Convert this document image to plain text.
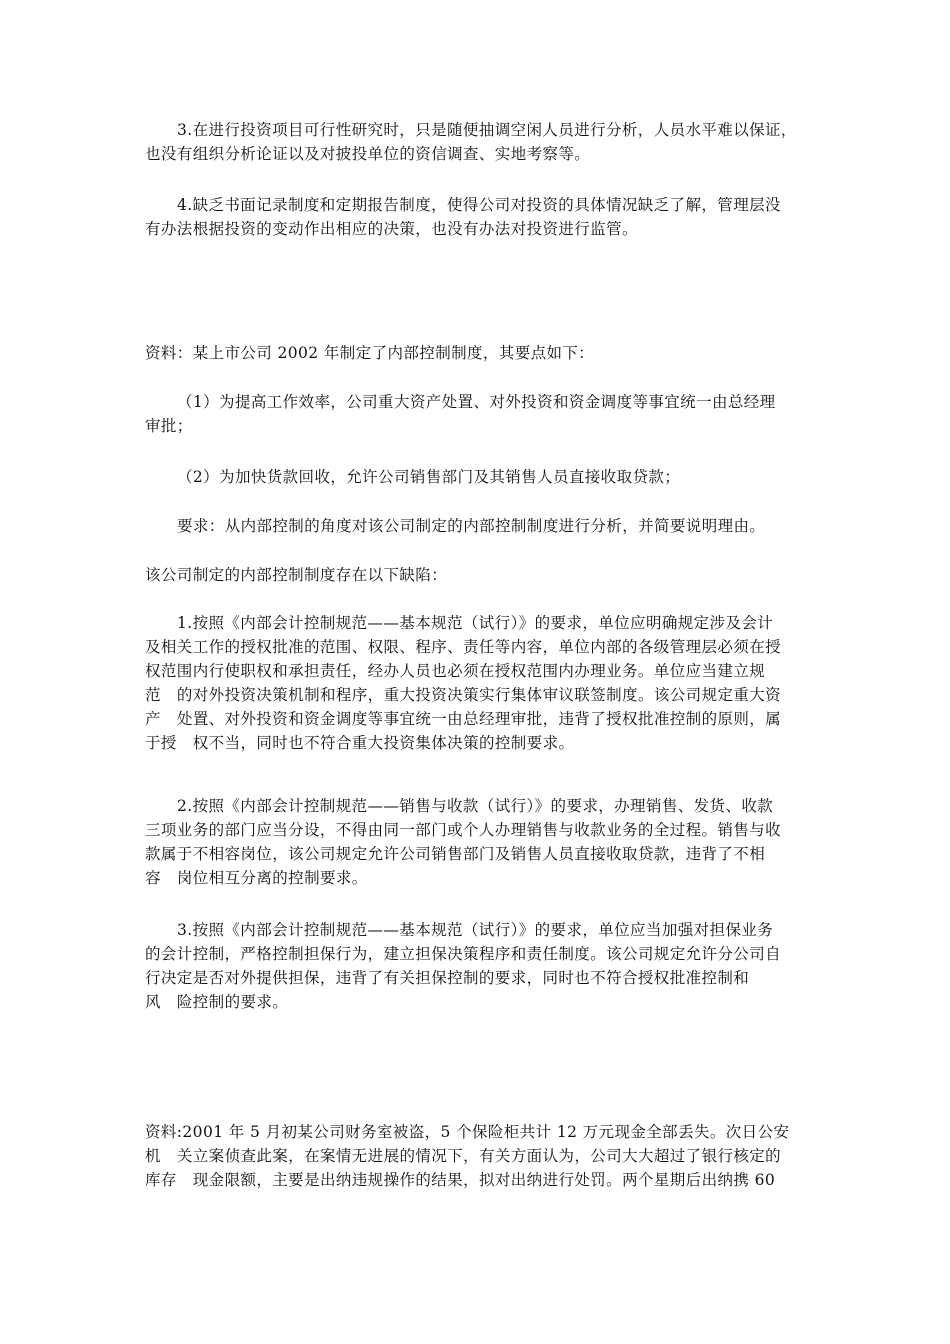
3.在进行投资项目可行性研究时，只是随便抽调空闲人员进行分析，人员水平难以保证，
也没有组织分析论证以及对披投单位的资信调查、实地考察等。
4.缺乏书面记录制度和定期报告制度，使得公司对投资的具体情况缺乏了解，管理层没
有办法根据投资的变动作出相应的决策，也没有办法对投资进行监管。
资料：某上市公司 2002 年制定了内部控制制度，其要点如下：
（1）为提高工作效率，公司重大资产处置、对外投资和资金调度等事宜统一由总经理
审批；
（2）为加快货款回收，允许公司销售部门及其销售人员直接收取贷款；
要求：从内部控制的角度对该公司制定的内部控制制度进行分析，并简要说明理由。
该公司制定的内部控制制度存在以下缺陷：
1.按照《内部会计控制规范——基本规范（试行）》的要求，单位应明确规定涉及会计
及相关工作的授权批准的范围、权限、程序、责任等内容，单位内部的各级管理层必须在授
权范围内行使职权和承担责任，经办人员也必须在授权范围内办理业务。单位应当建立规
范   的对外投资决策机制和程序，重大投资决策实行集体审议联签制度。该公司规定重大资
产   处置、对外投资和资金调度等事宜统一由总经理审批，违背了授权批准控制的原则，属
于授   权不当，同时也不符合重大投资集体决策的控制要求。
2.按照《内部会计控制规范——销售与收款（试行）》的要求，办理销售、发货、收款
三项业务的部门应当分设，不得由同一部门或个人办理销售与收款业务的全过程。销售与收
款属于不相容岗位，该公司规定允许公司销售部门及销售人员直接收取贷款，违背了不相
容   岗位相互分离的控制要求。
3.按照《内部会计控制规范——基本规范（试行）》的要求，单位应当加强对担保业务
的会计控制，严格控制担保行为，建立担保决策程序和责任制度。该公司规定允许分公司自
行决定是否对外提供担保，违背了有关担保控制的要求，同时也不符合授权批准控制和
风   险控制的要求。
资料:2001 年 5 月初某公司财务室被盗，5 个保险柜共计 12 万元现金全部丢失。次日公安
机   关立案侦查此案，在案情无进展的情况下，有关方面认为，公司大大超过了银行核定的
库存   现金限额，主要是出纳违规操作的结果，拟对出纳进行处罚。两个星期后出纳携 60
